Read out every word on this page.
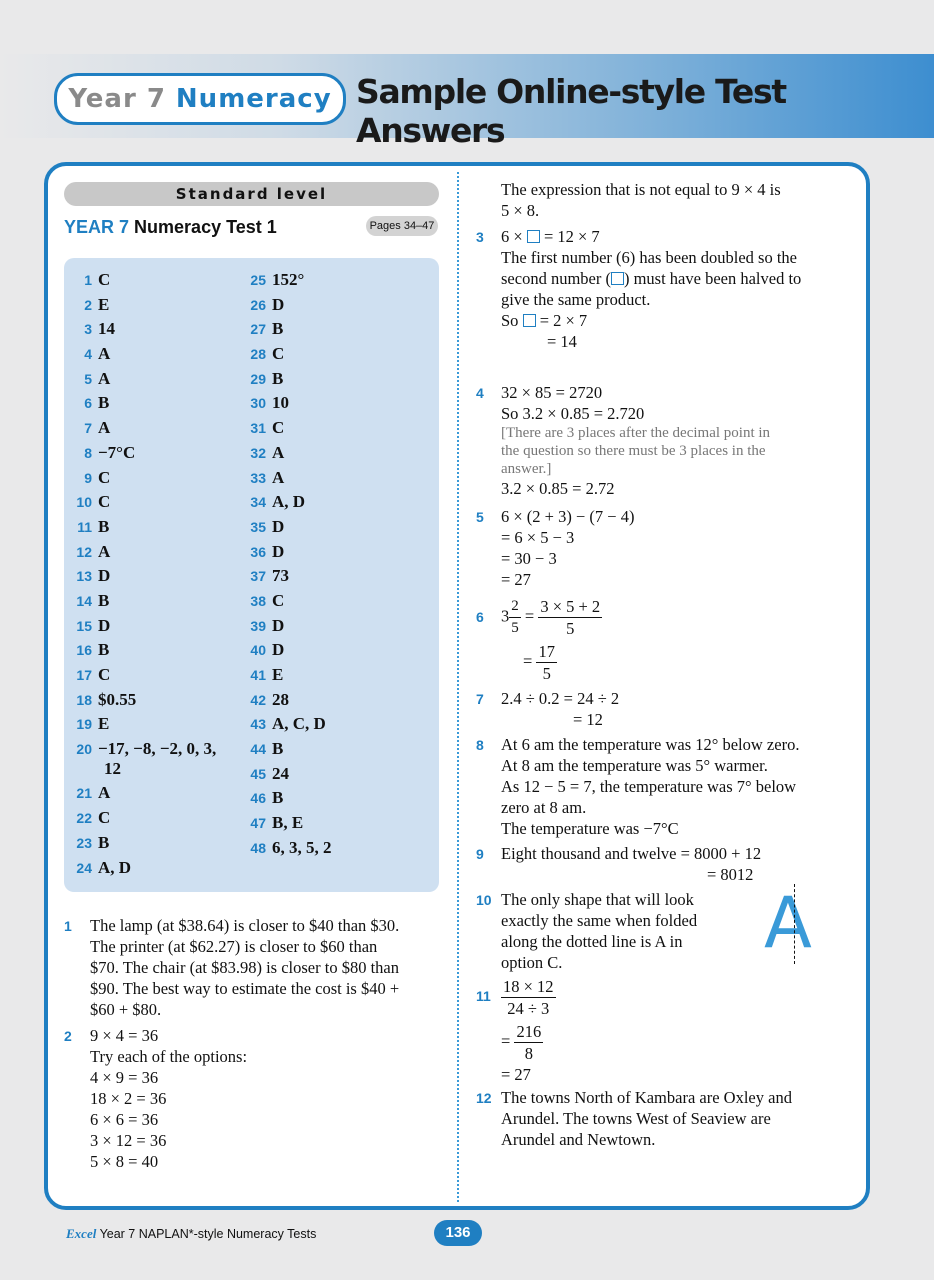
Year 7 Numeracy Sample Online-style Test Answers
Standard level
YEAR 7 Numeracy Test 1	Pages 34–47
1 C
2 E
3 14
4 A
5 A
6 B
7 A
8 −7°C
9 C
10 C
11 B
12 A
13 D
14 B
15 D
16 B
17 C
18 $0.55
19 E
20 −17, −8, −2, 0, 3,
12
21 A
22 C
23 B
24 A, D
25 152°
26 D
27 B
28 C
29 B
30 10
31 C
32 A
33 A
34 A, D
35 D
36 D
37 73
38 C
39 D
40 D
41 E
42 28
43 A, C, D
44 B
45 24
46 B
47 B, E
48 6, 3, 5, 2
1 The lamp (at $38.64) is closer to $40 than $30.
The printer (at $62.27) is closer to $60 than
$70. The chair (at $83.98) is closer to $80 than
$90. The best way to estimate the cost is $40 +
$60 + $80.
2 9 × 4 = 36
Try each of the options:
4 × 9 = 36
18 × 2 = 36
6 × 6 = 36
3 × 12 = 36
5 × 8 = 40
The expression that is not equal to 9 × 4 is
5 × 8.
3 6 ×  = 12 × 7
The first number (6) has been doubled so the
second number ( ) must have been halved to
give the same product.
So  = 2 × 7
= 14
4 32 × 85 = 2720
So 3.2 × 0.85 = 2.720
[There are 3 places after the decimal point in
the question so there must be 3 places in the
answer.]
3.2 × 0.85 = 2.72
5 6 × (2 + 3) − (7 − 4)
= 6 × 5 − 3
= 30 − 3
= 27
6 $3 \frac{2}{5} = \frac{3 \times 5 + 2}{5}$
= $\frac{17}{5}$
7 2.4 ÷ 0.2 = 24 ÷ 2
= 12
8 At 6 am the temperature was 12° below zero.
At 8 am the temperature was 5° warmer.
As 12 − 5 = 7, the temperature was 7° below
zero at 8 am.
The temperature was −7°C
9 Eight thousand and twelve = 8000 + 12
= 8012
10 The only shape that will look
exactly the same when folded
along the dotted line is A in
option C.	A
$11 \frac{18 \times 12}{24 \div 3}$
= $\frac{216}{8}$
= 27
12 The towns North of Kambara are Oxley and
Arundel. The towns West of Seaview are
Arundel and Newtown.
Excel Year 7 NAPLAN*-style Numeracy Tests	136
